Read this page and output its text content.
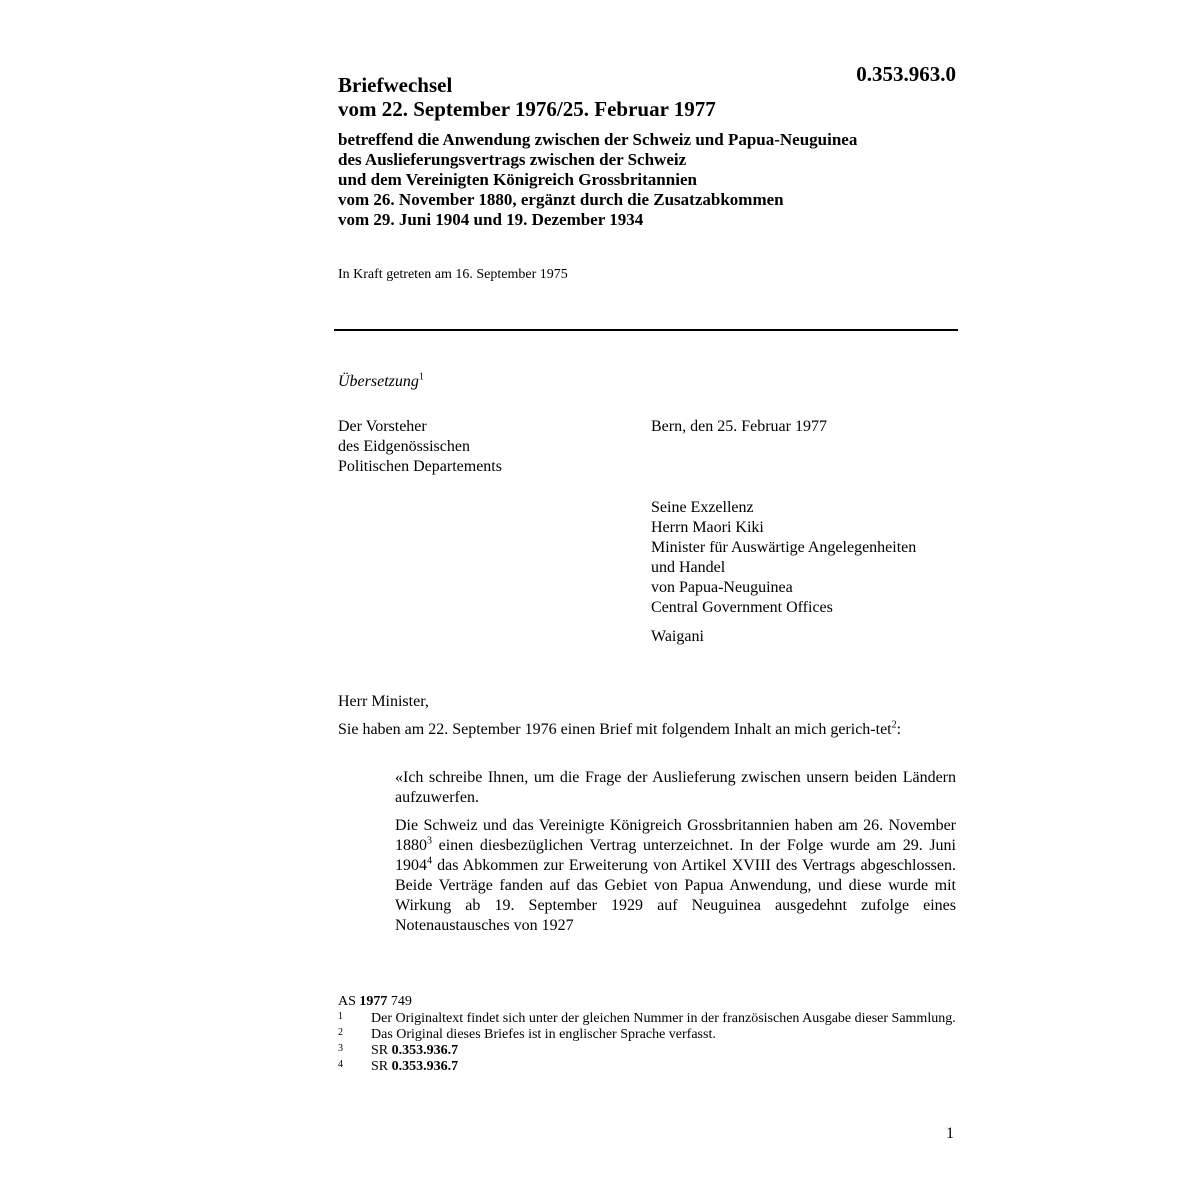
0.353.963.0
Briefwechsel
vom 22. September 1976/25. Februar 1977
betreffend die Anwendung zwischen der Schweiz und Papua-Neuguinea
des Auslieferungsvertrags zwischen der Schweiz
und dem Vereinigten Königreich Grossbritannien
vom 26. November 1880, ergänzt durch die Zusatzabkommen
vom 29. Juni 1904 und 19. Dezember 1934
In Kraft getreten am 16. September 1975
Übersetzung$^1$
Der Vorsteher
des Eidgenössischen
Politischen Departements
Bern, den 25. Februar 1977
Seine Exzellenz
Herrn Maori Kiki
Minister für Auswärtige Angelegenheiten
und Handel
von Papua-Neuguinea
Central Government Offices
Waigani
Herr Minister,
Sie haben am 22. September 1976 einen Brief mit folgendem Inhalt an mich gerich-tet$^2$:
«Ich schreibe Ihnen, um die Frage der Auslieferung zwischen unsern beiden Ländern aufzuwerfen.
Die Schweiz und das Vereinigte Königreich Grossbritannien haben am 26. November 1880$^3$ einen diesbezüglichen Vertrag unterzeichnet. In der Folge wurde am 29. Juni 1904$^4$ das Abkommen zur Erweiterung von Artikel XVIII des Vertrags abgeschlossen. Beide Verträge fanden auf das Gebiet von Papua Anwendung, und diese wurde mit Wirkung ab 19. September 1929 auf Neuguinea ausgedehnt zufolge eines Notenaustausches von 1927
AS 1977 749
1 Der Originaltext findet sich unter der gleichen Nummer in der französischen Ausgabe dieser Sammlung.
2 Das Original dieses Briefes ist in englischer Sprache verfasst.
3 SR 0.353.936.7
4 SR 0.353.936.7
1
